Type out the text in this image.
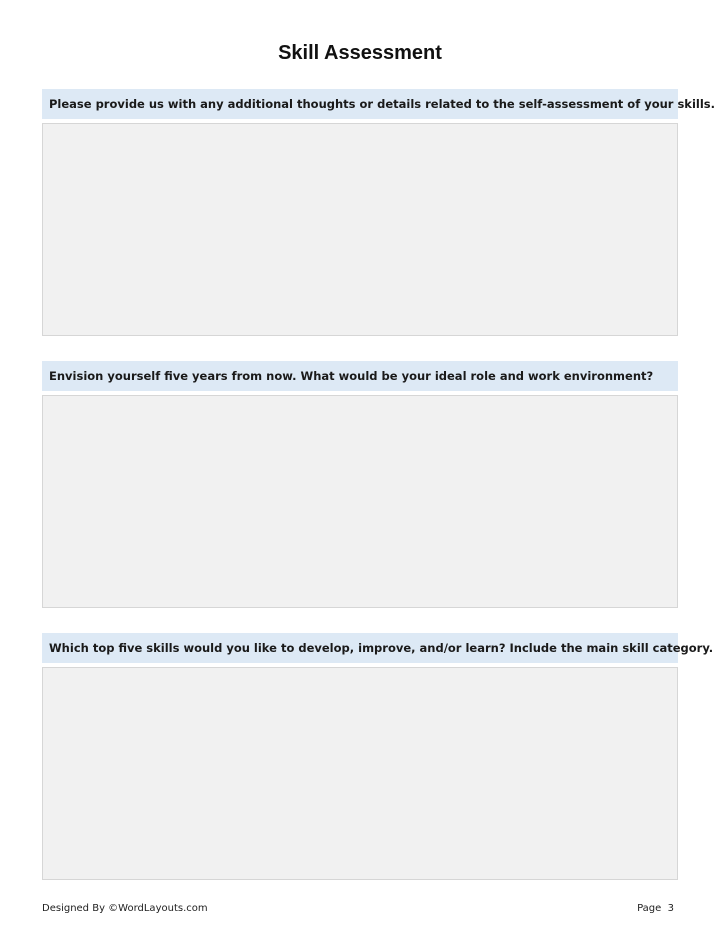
Skill Assessment
Please provide us with any additional thoughts or details related to the self-assessment of your skills.
Envision yourself five years from now. What would be your ideal role and work environment?
Which top five skills would you like to develop, improve, and/or learn? Include the main skill category.
Designed By ©WordLayouts.com	Page  3
